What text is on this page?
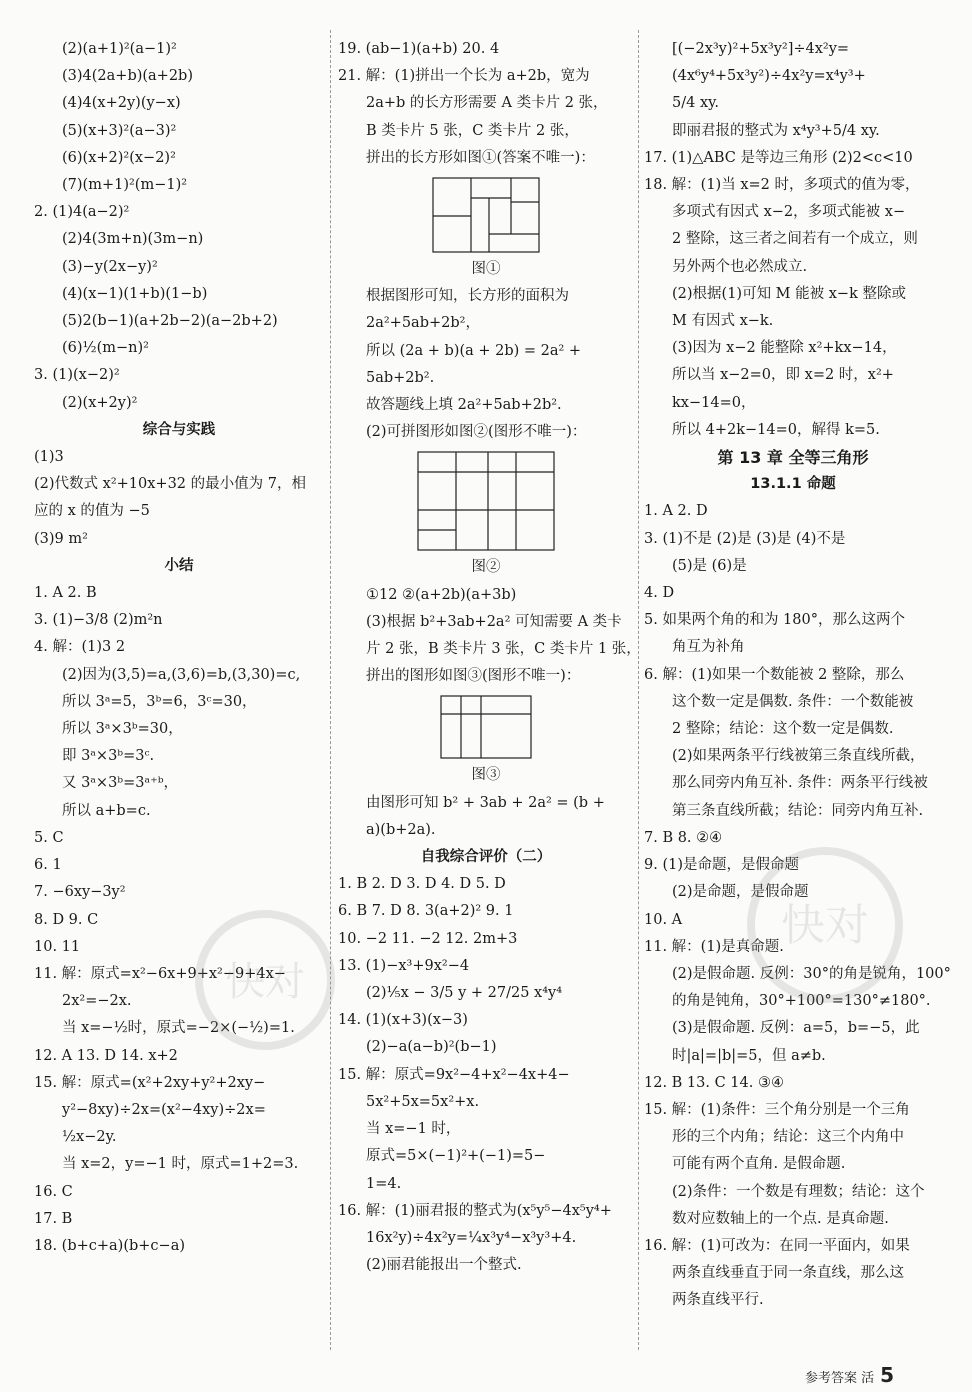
(2)(a+1)²(a−1)²
(3)4(2a+b)(a+2b)
(4)4(x+2y)(y−x)
(5)(x+3)²(a−3)²
(6)(x+2)²(x−2)²
(7)(m+1)²(m−1)²
2. (1)4(a−2)²
(2)4(3m+n)(3m−n)
(3)−y(2x−y)²
(4)(x−1)(1+b)(1−b)
(5)2(b−1)(a+2b−2)(a−2b+2)
(6)½(m−n)²
3. (1)(x−2)²
(2)(x+2y)²
综合与实践
(1)3
(2)代数式 x²+10x+32 的最小值为 7，相
应的 x 的值为 −5
(3)9 m²
小结
1. A 2. B
3. (1)−3/8 (2)m²n
4. 解：(1)3 2
(2)因为(3,5)=a,(3,6)=b,(3,30)=c,
所以 3ᵃ=5，3ᵇ=6，3ᶜ=30，
所以 3ᵃ×3ᵇ=30，
即 3ᵃ×3ᵇ=3ᶜ.
又 3ᵃ×3ᵇ=3ᵃ⁺ᵇ，
所以 a+b=c.
5. C
6. 1
7. −6xy−3y²
8. D 9. C
10. 11
11. 解：原式=x²−6x+9+x²−9+4x−
2x²=−2x.
当 x=−½时，原式=−2×(−½)=1.
12. A 13. D 14. x+2
15. 解：原式=(x²+2xy+y²+2xy−
y²−8xy)÷2x=(x²−4xy)÷2x=
½x−2y.
当 x=2，y=−1 时，原式=1+2=3.
16. C
17. B
18. (b+c+a)(b+c−a)
19. (ab−1)(a+b) 20. 4
21. 解：(1)拼出一个长为 a+2b，宽为
2a+b 的长方形需要 A 类卡片 2 张，
B 类卡片 5 张，C 类卡片 2 张，
拼出的长方形如图①(答案不唯一)：
图①
根据图形可知，长方形的面积为
2a²+5ab+2b²，
所以 (2a + b)(a + 2b) = 2a² +
5ab+2b².
故答题线上填 2a²+5ab+2b².
(2)可拼图形如图②(图形不唯一)：
图②
①12 ②(a+2b)(a+3b)
(3)根据 b²+3ab+2a² 可知需要 A 类卡
片 2 张，B 类卡片 3 张，C 类卡片 1 张，
拼出的图形如图③(图形不唯一)：
图③
由图形可知 b² + 3ab + 2a² = (b +
a)(b+2a).
自我综合评价（二）
1. B 2. D 3. D 4. D 5. D
6. B 7. D 8. 3(a+2)² 9. 1
10. −2 11. −2 12. 2m+3
13. (1)−x³+9x²−4
(2)⅕x − 3/5 y + 27/25 x⁴y⁴
14. (1)(x+3)(x−3)
(2)−a(a−b)²(b−1)
15. 解：原式=9x²−4+x²−4x+4−
5x²+5x=5x²+x.
当 x=−1 时，
原式=5×(−1)²+(−1)=5−
1=4.
16. 解：(1)丽君报的整式为(x⁵y⁵−4x⁵y⁴+
16x²y)÷4x²y=¼x³y⁴−x³y³+4.
(2)丽君能报出一个整式.
[(−2x³y)²+5x³y²]÷4x²y=
(4x⁶y⁴+5x³y²)÷4x²y=x⁴y³+
5/4 xy.
即丽君报的整式为 x⁴y³+5/4 xy.
17. (1)△ABC 是等边三角形 (2)2<c<10
18. 解：(1)当 x=2 时，多项式的值为零，
多项式有因式 x−2，多项式能被 x−
2 整除，这三者之间若有一个成立，则
另外两个也必然成立.
(2)根据(1)可知 M 能被 x−k 整除或
M 有因式 x−k.
(3)因为 x−2 能整除 x²+kx−14，
所以当 x−2=0，即 x=2 时，x²+
kx−14=0，
所以 4+2k−14=0，解得 k=5.
第 13 章 全等三角形
13.1.1 命题
1. A 2. D
3. (1)不是 (2)是 (3)是 (4)不是
(5)是 (6)是
4. D
5. 如果两个角的和为 180°，那么这两个
角互为补角
6. 解：(1)如果一个数能被 2 整除，那么
这个数一定是偶数. 条件：一个数能被
2 整除；结论：这个数一定是偶数.
(2)如果两条平行线被第三条直线所截，
那么同旁内角互补. 条件：两条平行线被
第三条直线所截；结论：同旁内角互补.
7. B 8. ②④
9. (1)是命题，是假命题
(2)是命题，是假命题
10. A
11. 解：(1)是真命题.
(2)是假命题. 反例：30°的角是锐角，100°
的角是钝角，30°+100°=130°≠180°.
(3)是假命题. 反例：a=5，b=−5，此
时|a|=|b|=5，但 a≠b.
12. B 13. C 14. ③④
15. 解：(1)条件：三个角分别是一个三角
形的三个内角；结论：这三个内角中
可能有两个直角. 是假命题.
(2)条件：一个数是有理数；结论：这个
数对应数轴上的一个点. 是真命题.
16. 解：(1)可改为：在同一平面内，如果
两条直线垂直于同一条直线，那么这
两条直线平行.
参考答案 活 5
快对
快对
